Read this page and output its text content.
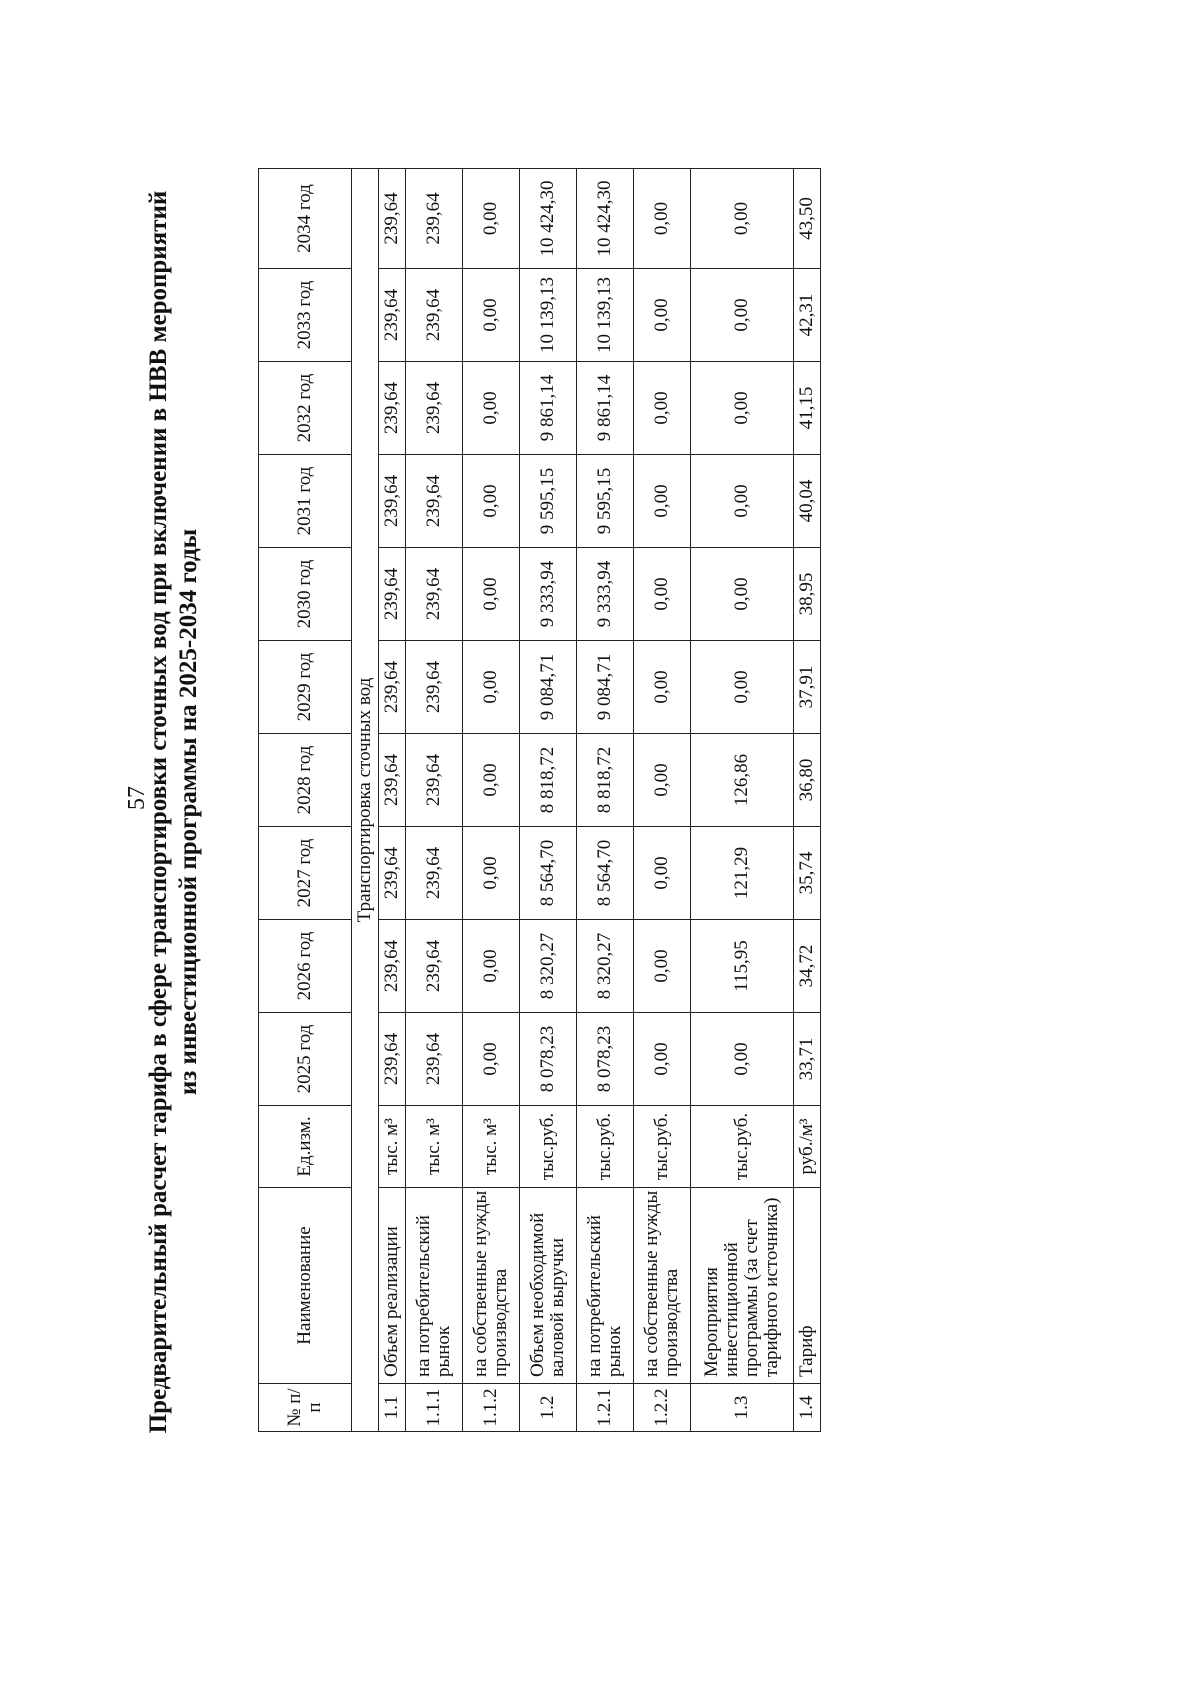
57
Предварительный расчет тарифа в сфере транспортировки сточных вод при включении в НВВ мероприятий из инвестиционной программы на 2025-2034 годы
№ п/п	Наименование	Ед.изм.	2025 год	2026 год	2027 год	2028 год	2029 год	2030 год	2031 год	2032 год	2033 год	2034 год
Транспортировка сточных вод												
1.1	Объем реализации	тыс. м³	239,64	239,64	239,64	239,64	239,64	239,64	239,64	239,64	239,64	239,64
1.1.1	на потребительский рынок	тыс. м³	239,64	239,64	239,64	239,64	239,64	239,64	239,64	239,64	239,64	239,64
1.1.2	на собственные нужды производства	тыс. м³	0,00	0,00	0,00	0,00	0,00	0,00	0,00	0,00	0,00	0,00
1.2	Объем необходимой валовой выручки	тыс.руб.	8 078,23	8 320,27	8 564,70	8 818,72	9 084,71	9 333,94	9 595,15	9 861,14	10 139,13	10 424,30
1.2.1	на потребительский рынок	тыс.руб.	8 078,23	8 320,27	8 564,70	8 818,72	9 084,71	9 333,94	9 595,15	9 861,14	10 139,13	10 424,30
1.2.2	на собственные нужды производства	тыс.руб.	0,00	0,00	0,00	0,00	0,00	0,00	0,00	0,00	0,00	0,00
1.3	Мероприятия инвестиционной программы (за счет тарифного источника)	тыс.руб.	0,00	115,95	121,29	126,86	0,00	0,00	0,00	0,00	0,00	0,00
1.4	Тариф	руб./м³	33,71	34,72	35,74	36,80	37,91	38,95	40,04	41,15	42,31	43,50
